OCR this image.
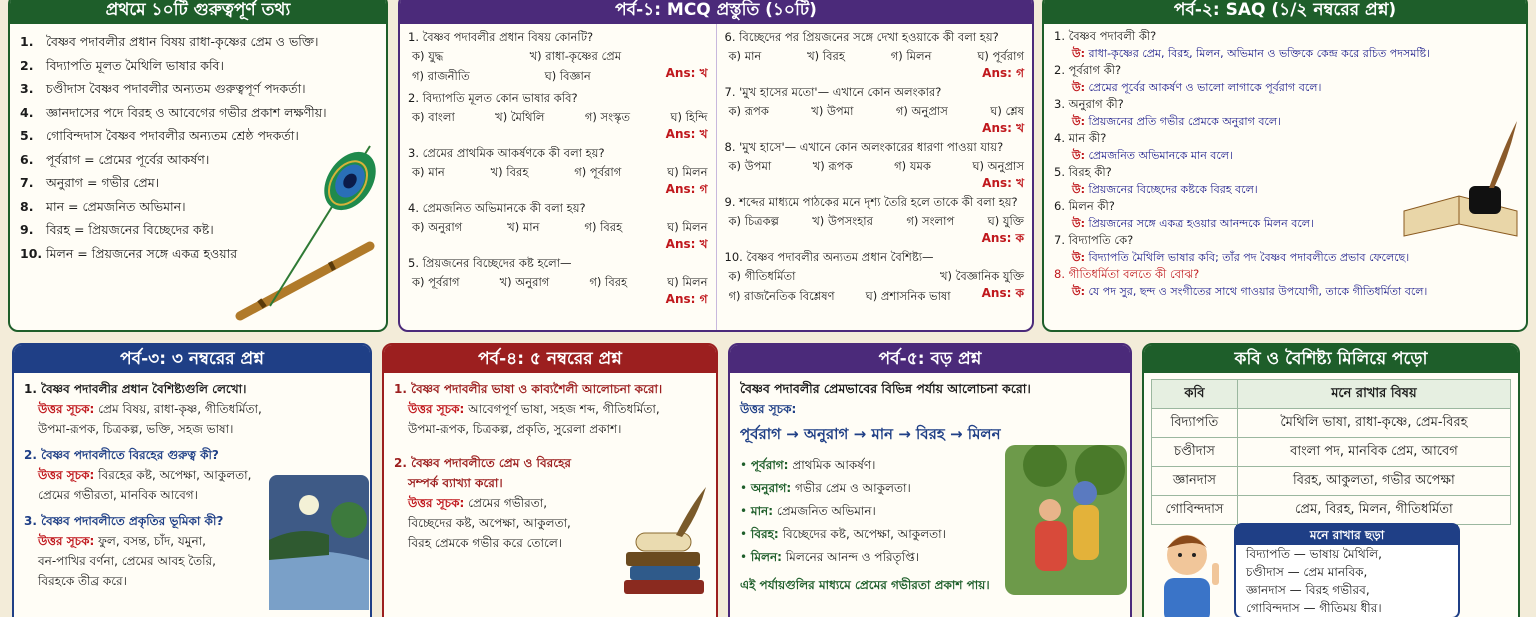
প্রথমে ১০টি গুরুত্বপূর্ণ তথ্য
1. বৈষ্ণব পদাবলীর প্রধান বিষয় রাধা-কৃষ্ণের প্রেম ও ভক্তি।
2. বিদ্যাপতি মূলত মৈথিলি ভাষার কবি।
3. চণ্ডীদাস বৈষ্ণব পদাবলীর অন্যতম গুরুত্বপূর্ণ পদকর্তা।
4. জ্ঞানদাসের পদে বিরহ ও আবেগের গভীর প্রকাশ লক্ষণীয়।
5. গোবিন্দদাস বৈষ্ণব পদাবলীর অন্যতম শ্রেষ্ঠ পদকর্তা।
6. পূর্বরাগ = প্রেমের পূর্বের আকর্ষণ।
7. অনুরাগ = গভীর প্রেম।
8. মান = প্রেমজনিত অভিমান।
9. বিরহ = প্রিয়জনের বিচ্ছেদের কষ্ট।
10. মিলন = প্রিয়জনের সঙ্গে একত্র হওয়ার
পর্ব-১: MCQ প্রস্তুতি (১০টি)
1. বৈষ্ণব পদাবলীর প্রধান বিষয় কোনটি?
ক) যুদ্ধ	খ) রাধা-কৃষ্ণের প্রেম
গ) রাজনীতি	ঘ) বিজ্ঞান	Ans: খ
2. বিদ্যাপতি মূলত কোন ভাষার কবি?
ক) বাংলা	খ) মৈথিলি	গ) সংস্কৃত	ঘ) হিন্দি
Ans: খ
3. প্রেমের প্রাথমিক আকর্ষণকে কী বলা হয়?
ক) মান	খ) বিরহ	গ) পূর্বরাগ	ঘ) মিলন
Ans: গ
4. প্রেমজনিত অভিমানকে কী বলা হয়?
ক) অনুরাগ	খ) মান	গ) বিরহ	ঘ) মিলন
Ans: খ
5. প্রিয়জনের বিচ্ছেদের কষ্ট হলো—
ক) পূর্বরাগ	খ) অনুরাগ	গ) বিরহ	ঘ) মিলন
Ans: গ
6. বিচ্ছেদের পর প্রিয়জনের সঙ্গে দেখা হওয়াকে কী বলা হয়?
ক) মান	খ) বিরহ	গ) মিলন	ঘ) পূর্বরাগ
Ans: গ
7. 'মুখ হাসের মতো'— এখানে কোন অলংকার?
ক) রূপক	খ) উপমা	গ) অনুপ্রাস	ঘ) শ্লেষ
Ans: খ
8. 'মুখ হাসে'— এখানে কোন অলংকারের ধারণা পাওয়া যায়?
ক) উপমা	খ) রূপক	গ) যমক	ঘ) অনুপ্রাস
Ans: খ
9. শব্দের মাধ্যমে পাঠকের মনে দৃশ্য তৈরি হলে তাকে কী বলা হয়?
ক) চিত্রকল্প	খ) উপসংহার	গ) সংলাপ	ঘ) যুক্তি
Ans: ক
10. বৈষ্ণব পদাবলীর অন্যতম প্রধান বৈশিষ্ট্য—
ক) গীতিধর্মিতা	খ) বৈজ্ঞানিক যুক্তি
গ) রাজনৈতিক বিশ্লেষণ	ঘ) প্রশাসনিক ভাষা	Ans: ক
পর্ব-২: SAQ (১/২ নম্বরের প্রশ্ন)
1. বৈষ্ণব পদাবলী কী?
উ: রাধা-কৃষ্ণের প্রেম, বিরহ, মিলন, অভিমান ও ভক্তিকে কেন্দ্র করে রচিত পদসমষ্টি।
2. পূর্বরাগ কী?
উ: প্রেমের পূর্বের আকর্ষণ ও ভালো লাগাকে পূর্বরাগ বলে।
3. অনুরাগ কী?
উ: প্রিয়জনের প্রতি গভীর প্রেমকে অনুরাগ বলে।
4. মান কী?
উ: প্রেমজনিত অভিমানকে মান বলে।
5. বিরহ কী?
উ: প্রিয়জনের বিচ্ছেদের কষ্টকে বিরহ বলে।
6. মিলন কী?
উ: প্রিয়জনের সঙ্গে একত্র হওয়ার আনন্দকে মিলন বলে।
7. বিদ্যাপতি কে?
উ: বিদ্যাপতি মৈথিলি ভাষার কবি; তাঁর পদ বৈষ্ণব পদাবলীতে প্রভাব ফেলেছে।
8. গীতিধর্মিতা বলতে কী বোঝ?
উ: যে পদ সুর, ছন্দ ও সংগীতের সাথে গাওয়ার উপযোগী, তাকে গীতিধর্মিতা বলে।
পর্ব-৩: ৩ নম্বরের প্রশ্ন
1. বৈষ্ণব পদাবলীর প্রধান বৈশিষ্ট্যগুলি লেখো।
উত্তর সূচক: প্রেম বিষয়, রাধা-কৃষ্ণ, গীতিধর্মিতা,
উপমা-রূপক, চিত্রকল্প, ভক্তি, সহজ ভাষা।
2. বৈষ্ণব পদাবলীতে বিরহের গুরুত্ব কী?
উত্তর সূচক: বিরহের কষ্ট, অপেক্ষা, আকুলতা,
প্রেমের গভীরতা, মানবিক আবেগ।
3. বৈষ্ণব পদাবলীতে প্রকৃতির ভূমিকা কী?
উত্তর সূচক: ফুল, বসন্ত, চাঁদ, যমুনা,
বন-পাখির বর্ণনা, প্রেমের আবহ তৈরি,
বিরহকে তীব্র করে।
পর্ব-৪: ৫ নম্বরের প্রশ্ন
1. বৈষ্ণব পদাবলীর ভাষা ও কাব্যশৈলী আলোচনা করো।
উত্তর সূচক: আবেগপূর্ণ ভাষা, সহজ শব্দ, গীতিধর্মিতা,
উপমা-রূপক, চিত্রকল্প, প্রকৃতি, সুরেলা প্রকাশ।
2. বৈষ্ণব পদাবলীতে প্রেম ও বিরহের
সম্পর্ক ব্যাখ্যা করো।
উত্তর সূচক: প্রেমের গভীরতা,
বিচ্ছেদের কষ্ট, অপেক্ষা, আকুলতা,
বিরহ প্রেমকে গভীর করে তোলে।
পর্ব-৫: বড় প্রশ্ন
বৈষ্ণব পদাবলীর প্রেমভাবের বিভিন্ন পর্যায় আলোচনা করো।
উত্তর সূচক:
পূর্বরাগ → অনুরাগ → মান → বিরহ → মিলন
• পূর্বরাগ: প্রাথমিক আকর্ষণ।
• অনুরাগ: গভীর প্রেম ও আকুলতা।
• মান: প্রেমজনিত অভিমান।
• বিরহ: বিচ্ছেদের কষ্ট, অপেক্ষা, আকুলতা।
• মিলন: মিলনের আনন্দ ও পরিতৃপ্তি।
এই পর্যায়গুলির মাধ্যমে প্রেমের গভীরতা প্রকাশ পায়।
কবি ও বৈশিষ্ট্য মিলিয়ে পড়ো
কবি	মনে রাখার বিষয়
বিদ্যাপতি	মৈথিলি ভাষা, রাধা-কৃষ্ণে, প্রেম-বিরহ
চণ্ডীদাস	বাংলা পদ, মানবিক প্রেম, আবেগ
জ্ঞানদাস	বিরহ, আকুলতা, গভীর অপেক্ষা
গোবিন্দদাস	প্রেম, বিরহ, মিলন, গীতিধর্মিতা
মনে রাখার ছড়া
বিদ্যাপতি — ভাষায় মৈথিলি,
চণ্ডীদাস — প্রেম মানবিক,
জ্ঞানদাস — বিরহ গভীরব,
গোবিন্দদাস — গীতিময় ধীর।
